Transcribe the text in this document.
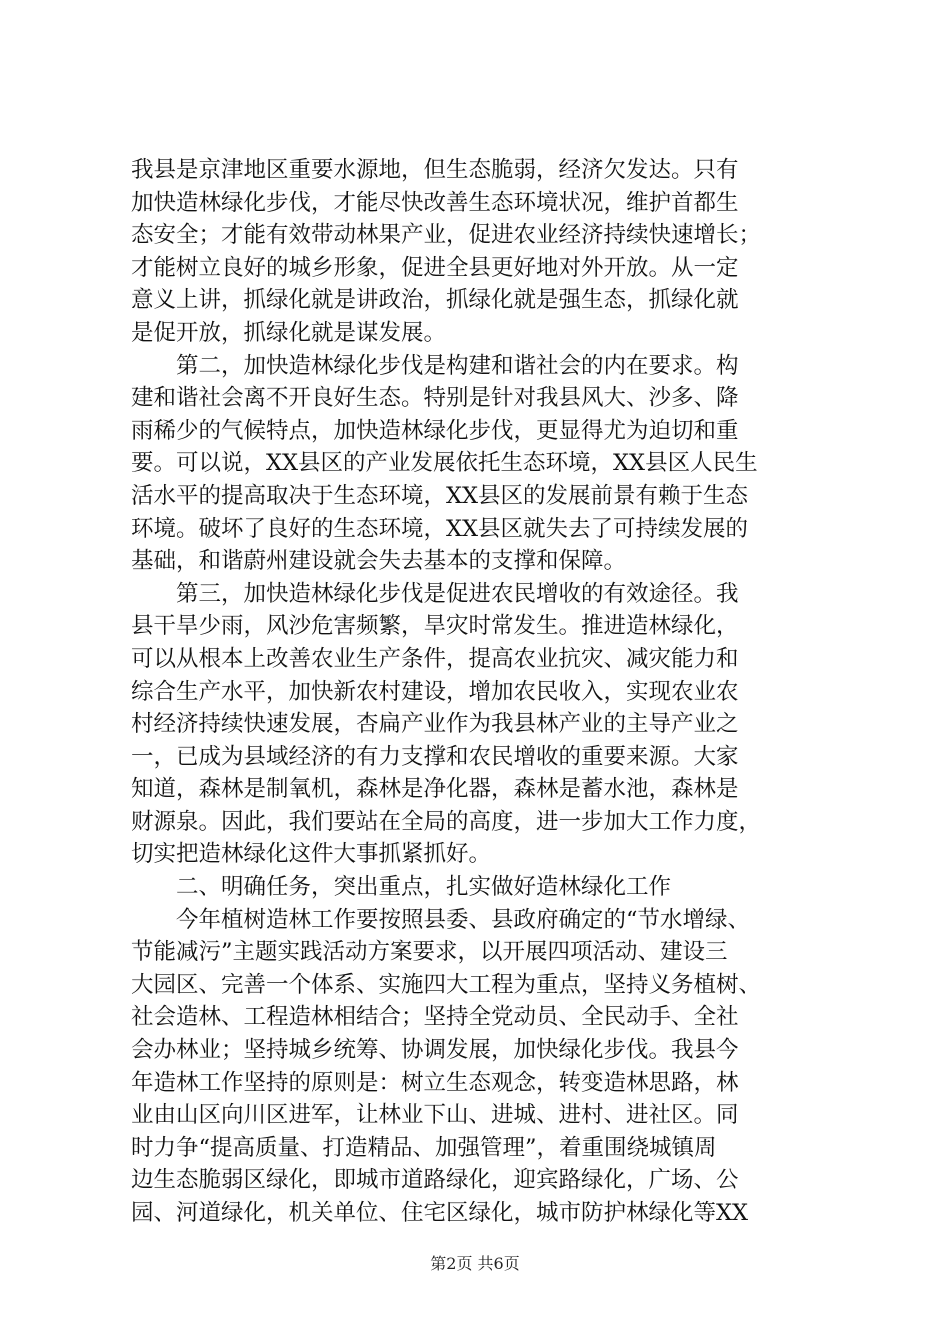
我县是京津地区重要水源地，但生态脆弱，经济欠发达。只有
加快造林绿化步伐，才能尽快改善生态环境状况，维护首都生
态安全；才能有效带动林果产业，促进农业经济持续快速增长；
才能树立良好的城乡形象，促进全县更好地对外开放。从一定
意义上讲，抓绿化就是讲政治，抓绿化就是强生态，抓绿化就
是促开放，抓绿化就是谋发展。
　　第二，加快造林绿化步伐是构建和谐社会的内在要求。构
建和谐社会离不开良好生态。特别是针对我县风大、沙多、降
雨稀少的气候特点，加快造林绿化步伐，更显得尤为迫切和重
要。可以说，XX县区的产业发展依托生态环境，XX县区人民生
活水平的提高取决于生态环境，XX县区的发展前景有赖于生态
环境。破坏了良好的生态环境，XX县区就失去了可持续发展的
基础，和谐蔚州建设就会失去基本的支撑和保障。
　　第三，加快造林绿化步伐是促进农民增收的有效途径。我
县干旱少雨，风沙危害频繁，旱灾时常发生。推进造林绿化，
可以从根本上改善农业生产条件，提高农业抗灾、减灾能力和
综合生产水平，加快新农村建设，增加农民收入，实现农业农
村经济持续快速发展，杏扁产业作为我县林产业的主导产业之
一，已成为县域经济的有力支撑和农民增收的重要来源。大家
知道，森林是制氧机，森林是净化器，森林是蓄水池，森林是
财源泉。因此，我们要站在全局的高度，进一步加大工作力度，
切实把造林绿化这件大事抓紧抓好。
　　二、明确任务，突出重点，扎实做好造林绿化工作
　　今年植树造林工作要按照县委、县政府确定的“节水增绿、
节能减污”主题实践活动方案要求，以开展四项活动、建设三
大园区、完善一个体系、实施四大工程为重点，坚持义务植树、
社会造林、工程造林相结合；坚持全党动员、全民动手、全社
会办林业；坚持城乡统筹、协调发展，加快绿化步伐。我县今
年造林工作坚持的原则是：树立生态观念，转变造林思路，林
业由山区向川区进军，让林业下山、进城、进村、进社区。同
时力争“提高质量、打造精品、加强管理”，着重围绕城镇周
边生态脆弱区绿化，即城市道路绿化，迎宾路绿化，广场、公
园、河道绿化，机关单位、住宅区绿化，城市防护林绿化等XX
第2页 共6页
